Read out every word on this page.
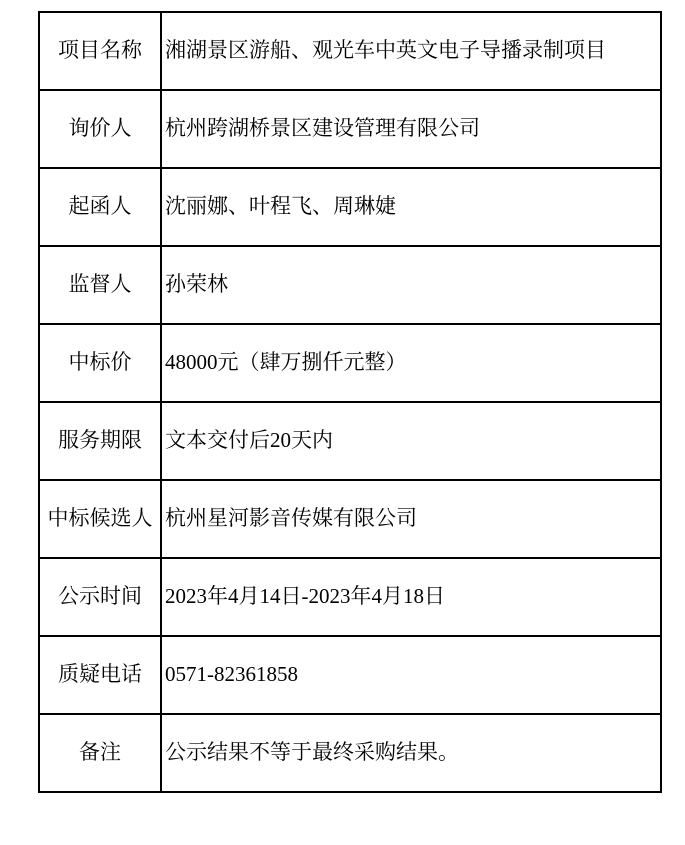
项目名称	湘湖景区游船、观光车中英文电子导播录制项目
询价人	杭州跨湖桥景区建设管理有限公司
起函人	沈丽娜、叶程飞、周琳婕
监督人	孙荣林
中标价	48000元（肆万捌仟元整）
服务期限	文本交付后20天内
中标候选人	杭州星河影音传媒有限公司
公示时间	2023年4月14日-2023年4月18日
质疑电话	0571-82361858
备注	公示结果不等于最终采购结果。
